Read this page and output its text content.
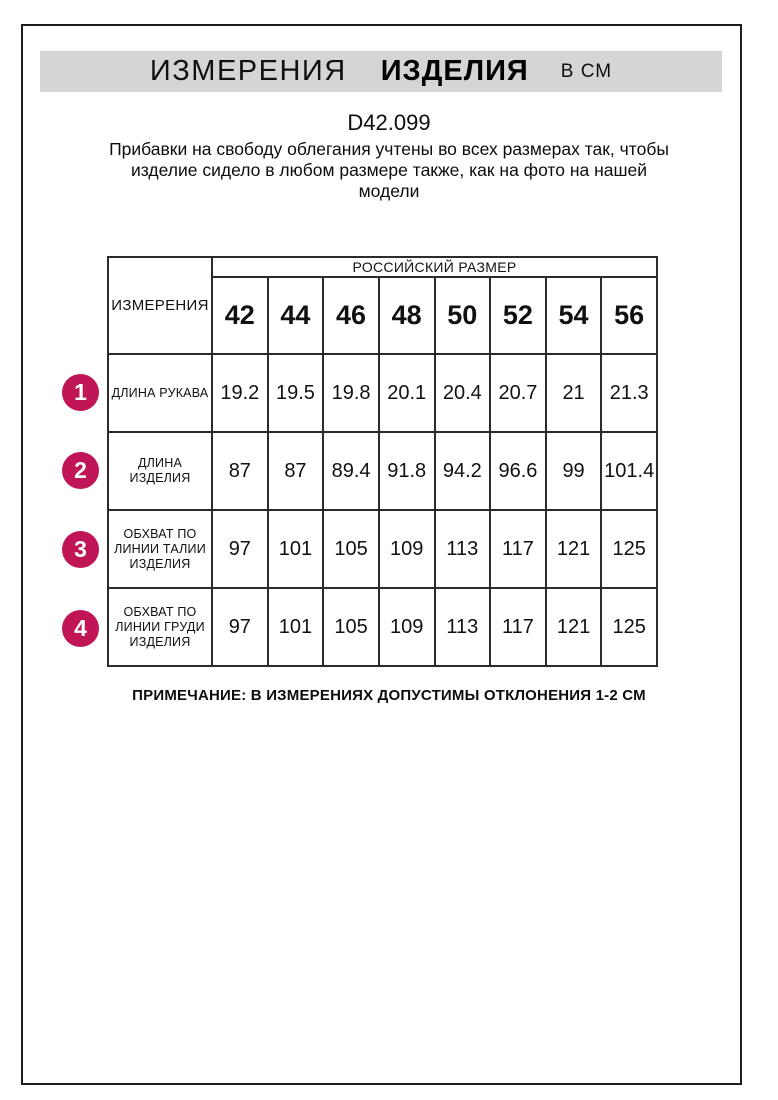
ИЗМЕРЕНИЯ ИЗДЕЛИЯ В СМ
D42.099
Прибавки на свободу облегания учтены во всех размерах так, чтобы изделие сидело в любом размере также, как на фото на нашей модели
ИЗМЕРЕНИЯ	РОССИЙСКИЙ РАЗМЕР							
	42	44	46	48	50	52	54	56
ДЛИНА РУКАВА	19.2	19.5	19.8	20.1	20.4	20.7	21	21.3
ДЛИНА ИЗДЕЛИЯ	87	87	89.4	91.8	94.2	96.6	99	101.4
ОБХВАТ ПО ЛИНИИ ТАЛИИ ИЗДЕЛИЯ	97	101	105	109	113	117	121	125
ОБХВАТ ПО ЛИНИИ ГРУДИ ИЗДЕЛИЯ	97	101	105	109	113	117	121	125
1
2
3
4
ПРИМЕЧАНИЕ: В ИЗМЕРЕНИЯХ ДОПУСТИМЫ ОТКЛОНЕНИЯ 1-2 СМ
